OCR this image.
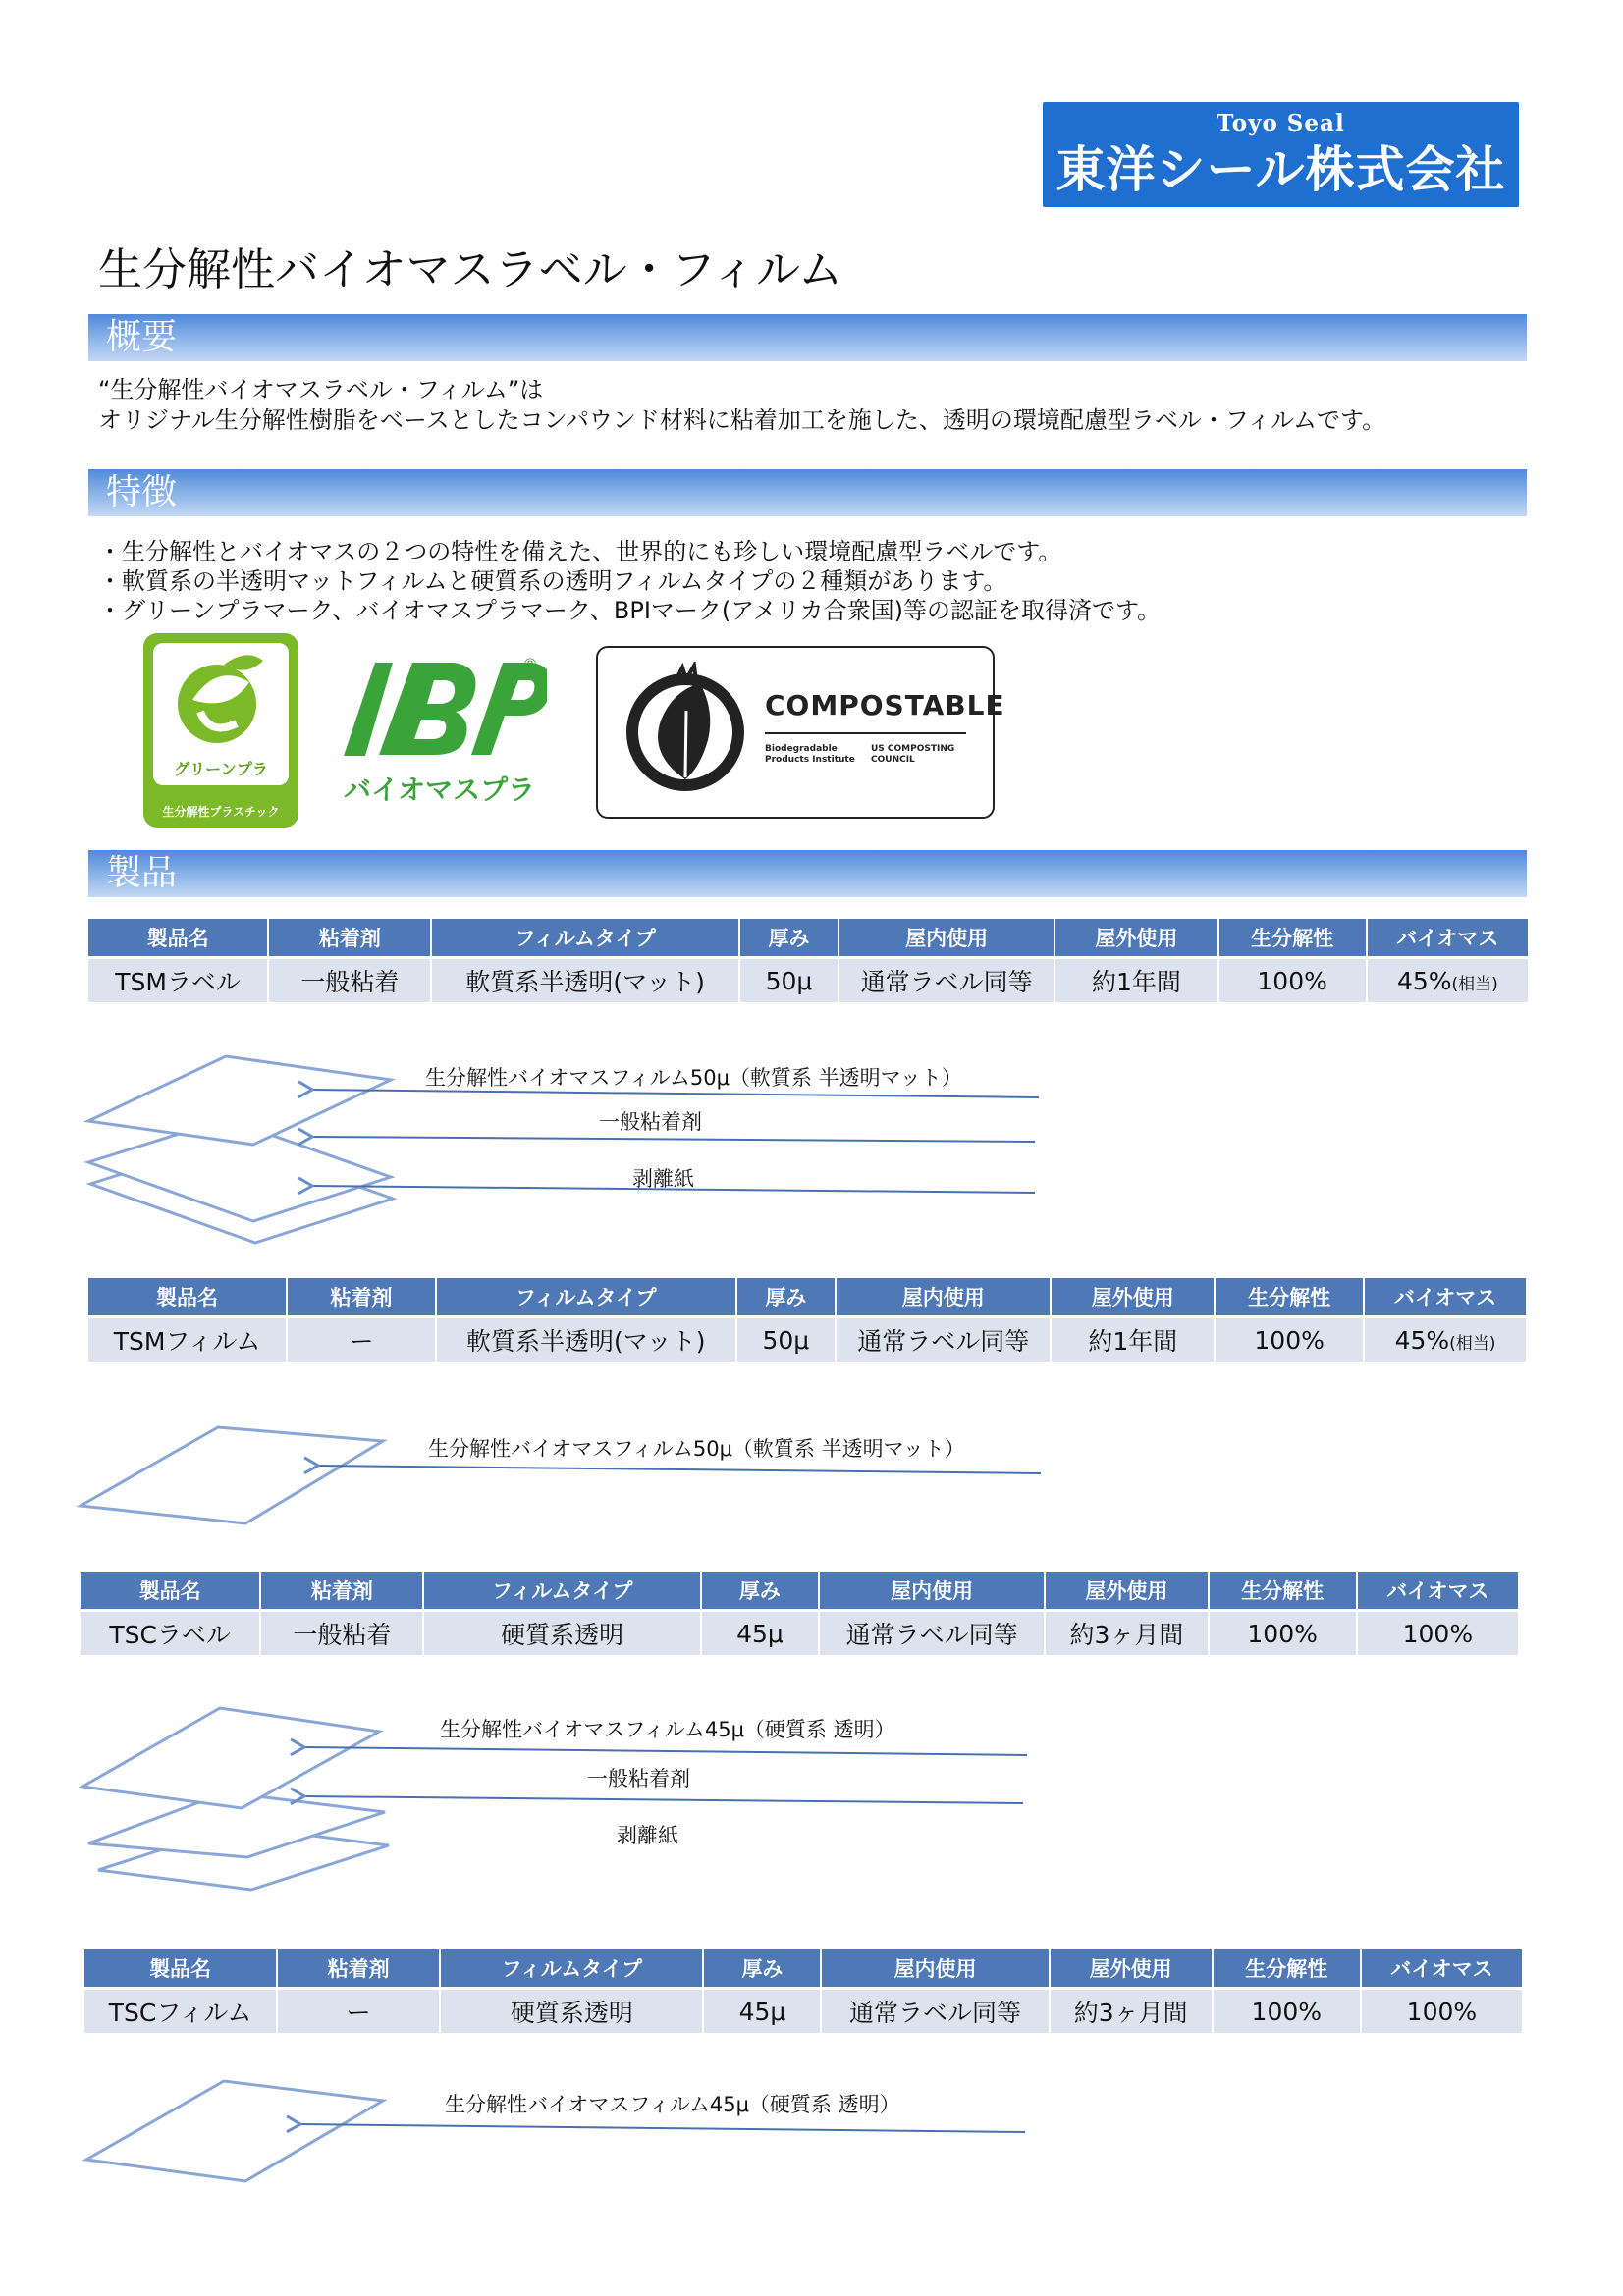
Toyo Seal
東洋シール株式会社
生分解性バイオマスラベル・フィルム
概要
“生分解性バイオマスラベル・フィルム”は
オリジナル生分解性樹脂をベースとしたコンパウンド材料に粘着加工を施した、透明の環境配慮型ラベル・フィルムです。
特徴
・生分解性とバイオマスの２つの特性を備えた、世界的にも珍しい環境配慮型ラベルです。
・軟質系の半透明マットフィルムと硬質系の透明フィルムタイプの２種類があります。
・グリーンプラマーク、バイオマスプラマーク、BPIマーク(アメリカ合衆国)等の認証を取得済です。
グリーンプラ
生分解性プラスチック
®
バイオマスプラ
COMPOSTABLE
Biodegradable Products Institute
US COMPOSTING COUNCIL
製品
製品名	粘着剤	フィルムタイプ	厚み	屋内使用	屋外使用	生分解性	バイオマス
TSMラベル	一般粘着	軟質系半透明(マット)	50μ	通常ラベル同等	約1年間	100%	45%(相当)
製品名	粘着剤	フィルムタイプ	厚み	屋内使用	屋外使用	生分解性	バイオマス
TSMフィルム	ー	軟質系半透明(マット)	50μ	通常ラベル同等	約1年間	100%	45%(相当)
製品名	粘着剤	フィルムタイプ	厚み	屋内使用	屋外使用	生分解性	バイオマス
TSCラベル	一般粘着	硬質系透明	45μ	通常ラベル同等	約3ヶ月間	100%	100%
製品名	粘着剤	フィルムタイプ	厚み	屋内使用	屋外使用	生分解性	バイオマス
TSCフィルム	ー	硬質系透明	45μ	通常ラベル同等	約3ヶ月間	100%	100%
生分解性バイオマスフィルム50μ（軟質系 半透明マット）
一般粘着剤
剥離紙
生分解性バイオマスフィルム50μ（軟質系 半透明マット）
生分解性バイオマスフィルム45μ（硬質系 透明）
一般粘着剤
剥離紙
生分解性バイオマスフィルム45μ（硬質系 透明）
